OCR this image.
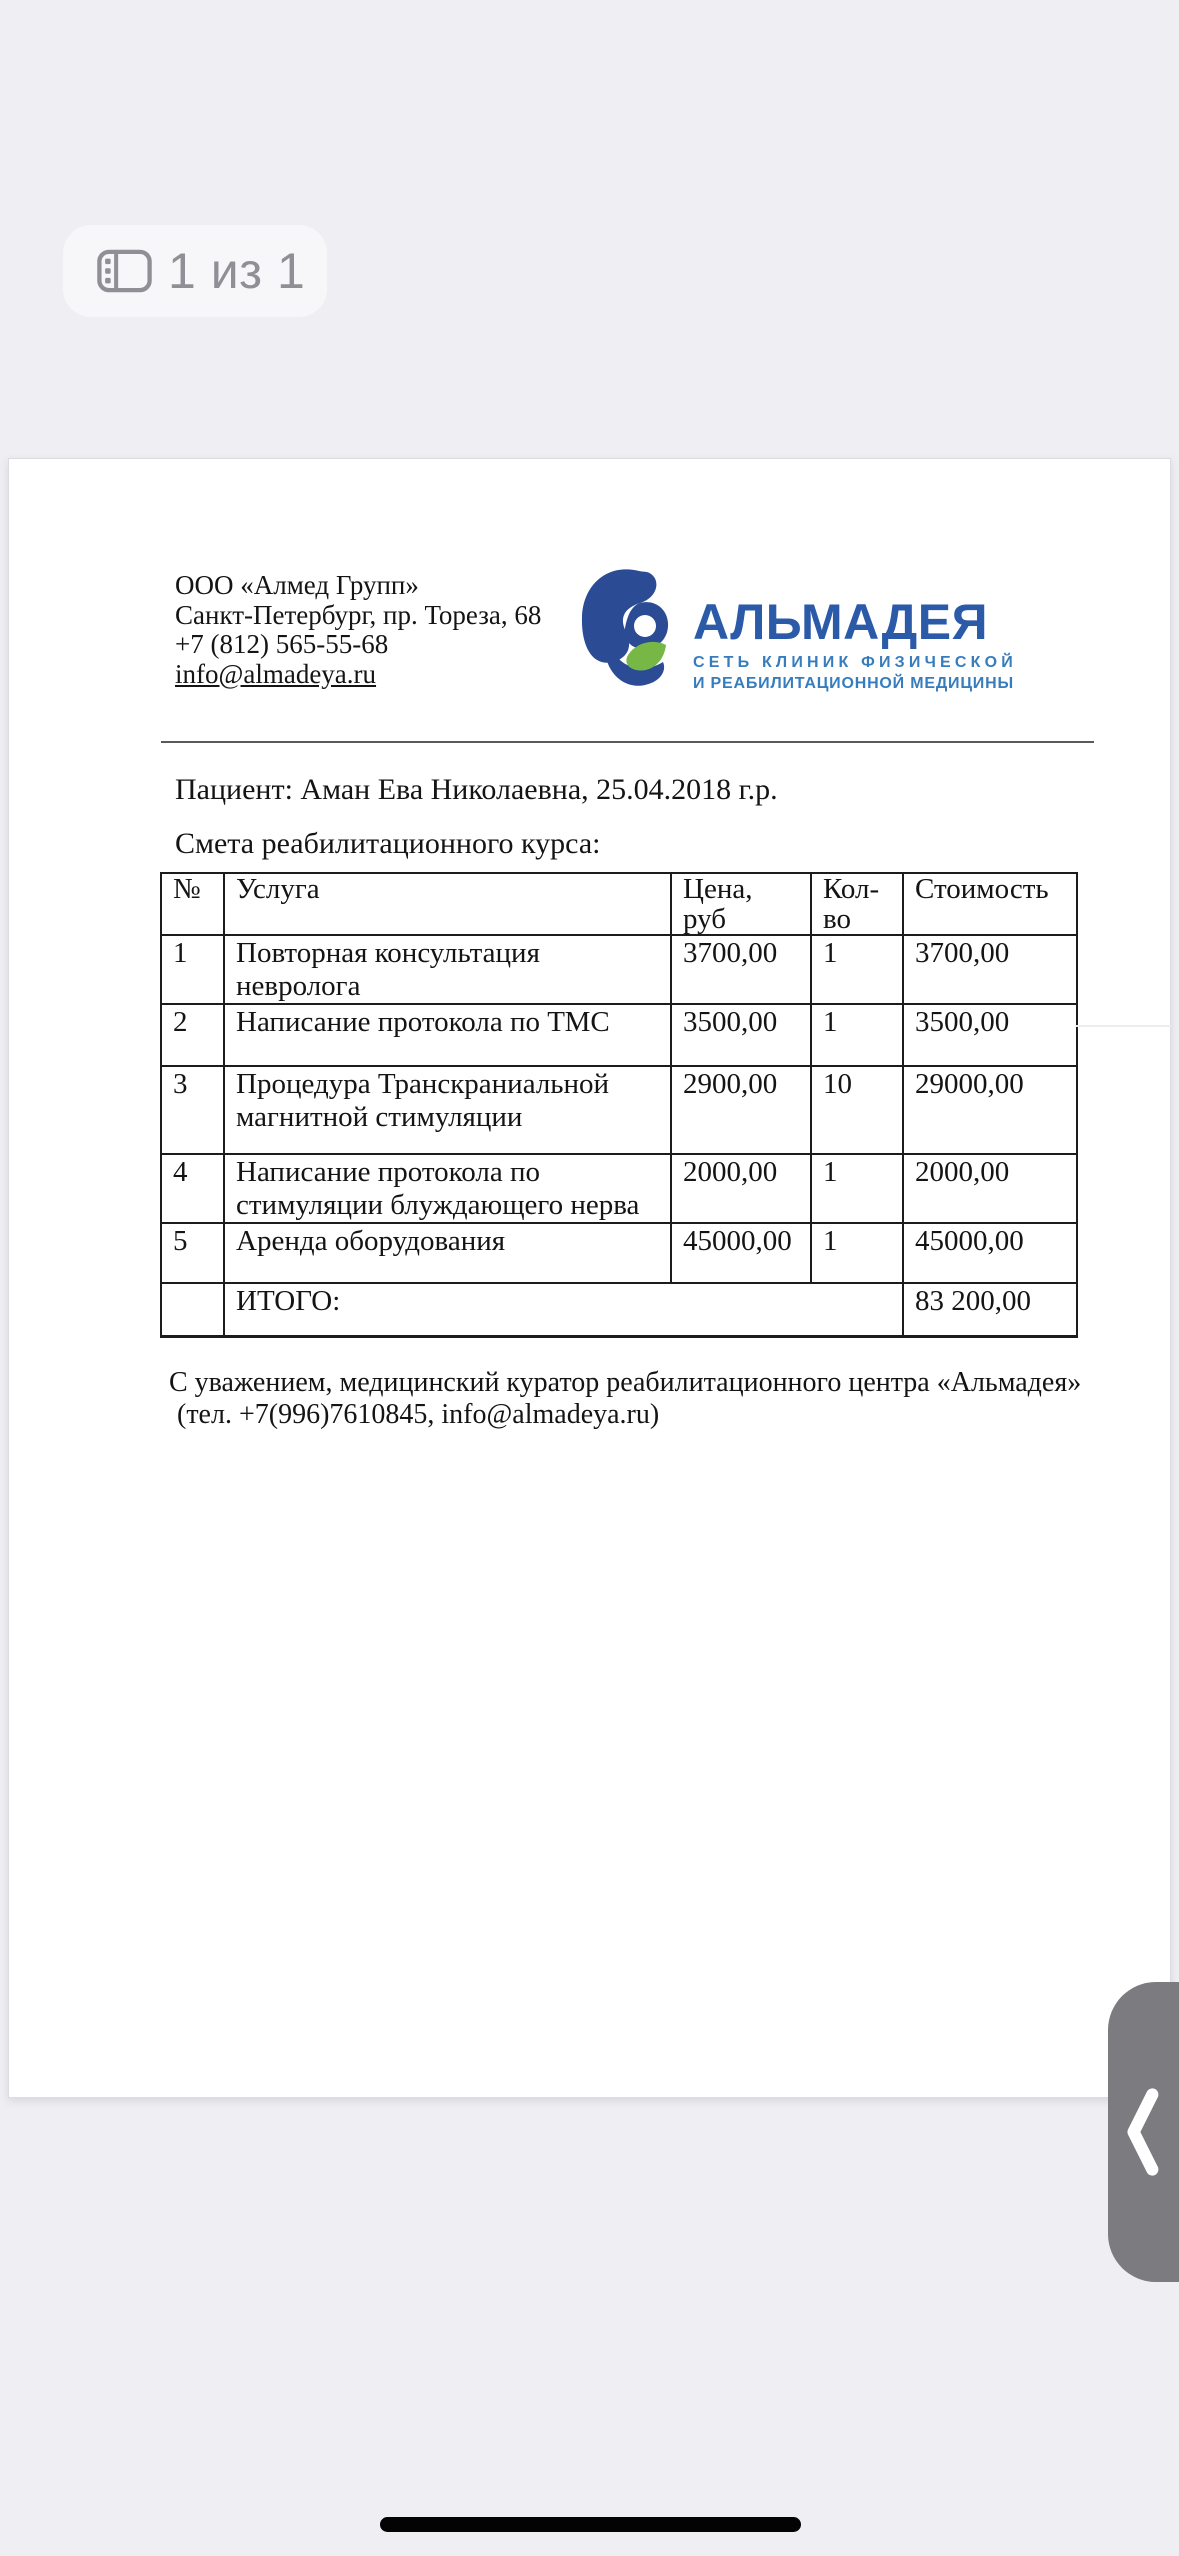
1 из 1
ООО «Алмед Групп»
Санкт-Петербург, пр. Тореза, 68
+7 (812) 565-55-68
info@almadeya.ru
АЛЬМАДЕЯ
СЕТЬ КЛИНИК ФИЗИЧЕСКОЙ
И РЕАБИЛИТАЦИОННОЙ МЕДИЦИНЫ
Пациент: Аман Ева Николаевна, 25.04.2018 г.р.
Смета реабилитационного курса:
№	Услуга	Цена, руб	Кол-во	Стоимость
1	Повторная консультация невролога	3700,00	1	3700,00
2	Написание протокола по ТМС	3500,00	1	3500,00
3	Процедура Транскраниальной магнитной стимуляции	2900,00	10	29000,00
4	Написание протокола по стимуляции блуждающего нерва	2000,00	1	2000,00
5	Аренда оборудования	45000,00	1	45000,00
	ИТОГО:			83 200,00
С уважением, медицинский куратор реабилитационного центра «Альмадея»
(тел. +7(996)7610845, info@almadeya.ru)
